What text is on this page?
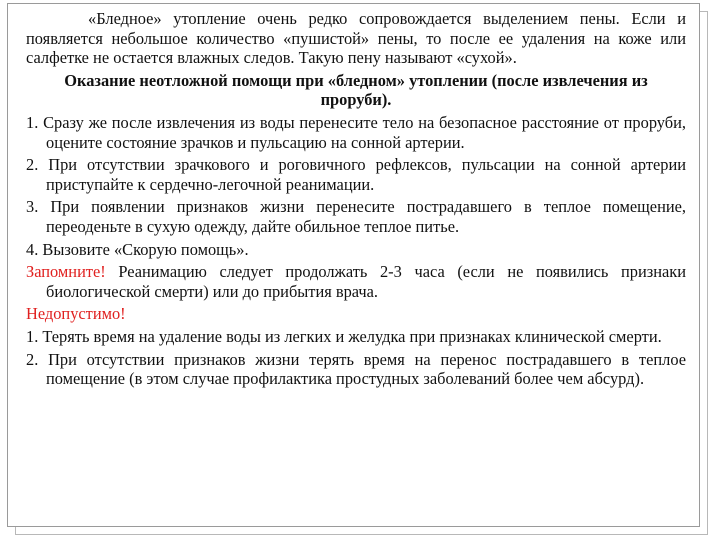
«Бледное» утопление очень редко сопровождается выделением пены. Если и появляется небольшое количество «пушистой» пены, то после ее удаления на коже или салфетке не остается влажных следов. Такую пену называют «сухой».

Оказание неотложной помощи при «бледном» утоплении (после извлечения из проруби).

1. Сразу же после извлечения из воды перенесите тело на безопасное расстояние от проруби, оцените состояние зрачков и пульсацию на сонной артерии.

2. При отсутствии зрачкового и роговичного рефлексов, пульсации на сонной артерии приступайте к сердечно-легочной реанимации.

3. При появлении признаков жизни перенесите пострадавшего в теплое помещение, переоденьте в сухую одежду, дайте обильное теплое питье.

4. Вызовите «Скорую помощь».

Запомните! Реанимацию следует продолжать 2-3 часа (если не появились признаки биологической смерти) или до прибытия врача.

Недопустимо!

1. Терять время на удаление воды из легких и желудка при признаках клинической смерти.

2. При отсутствии признаков жизни терять время на перенос пострадавшего в теплое помещение (в этом случае профилактика простудных заболеваний более чем абсурд).
